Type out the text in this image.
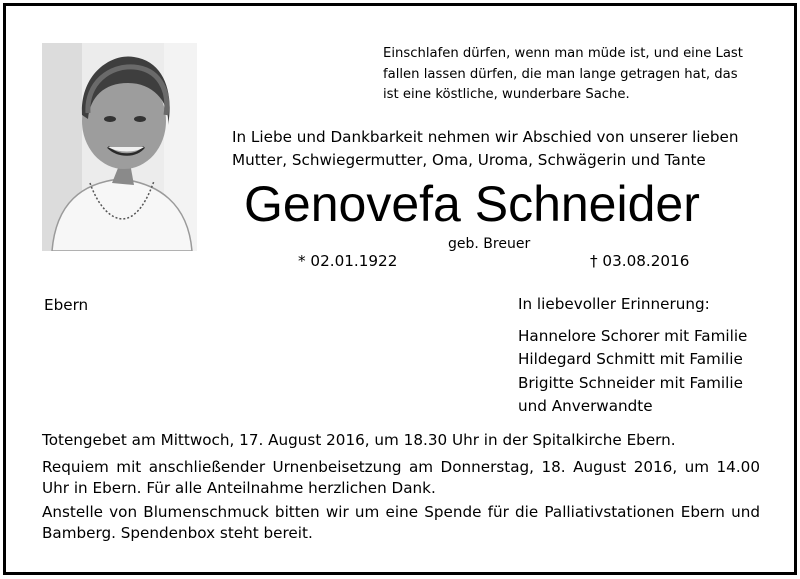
Einschlafen dürfen, wenn man müde ist, und eine Last
fallen lassen dürfen, die man lange getragen hat, das
ist eine köstliche, wunderbare Sache.
In Liebe und Dankbarkeit nehmen wir Abschied von unserer lieben
Mutter, Schwiegermutter, Oma, Uroma, Schwägerin und Tante
Genovefa Schneider
geb. Breuer
* 02.01.1922	† 03.08.2016
Ebern	In liebevoller Erinnerung:
Hannelore Schorer mit Familie
Hildegard Schmitt mit Familie
Brigitte Schneider mit Familie
und Anverwandte
Totengebet am Mittwoch, 17. August 2016, um 18.30 Uhr in der Spitalkirche Ebern.
Requiem mit anschließender Urnenbeisetzung am Donnerstag, 18. August 2016, um 14.00 Uhr in Ebern. Für alle Anteilnahme herzlichen Dank.
Anstelle von Blumenschmuck bitten wir um eine Spende für die Palliativstationen Ebern und Bamberg. Spendenbox steht bereit.
